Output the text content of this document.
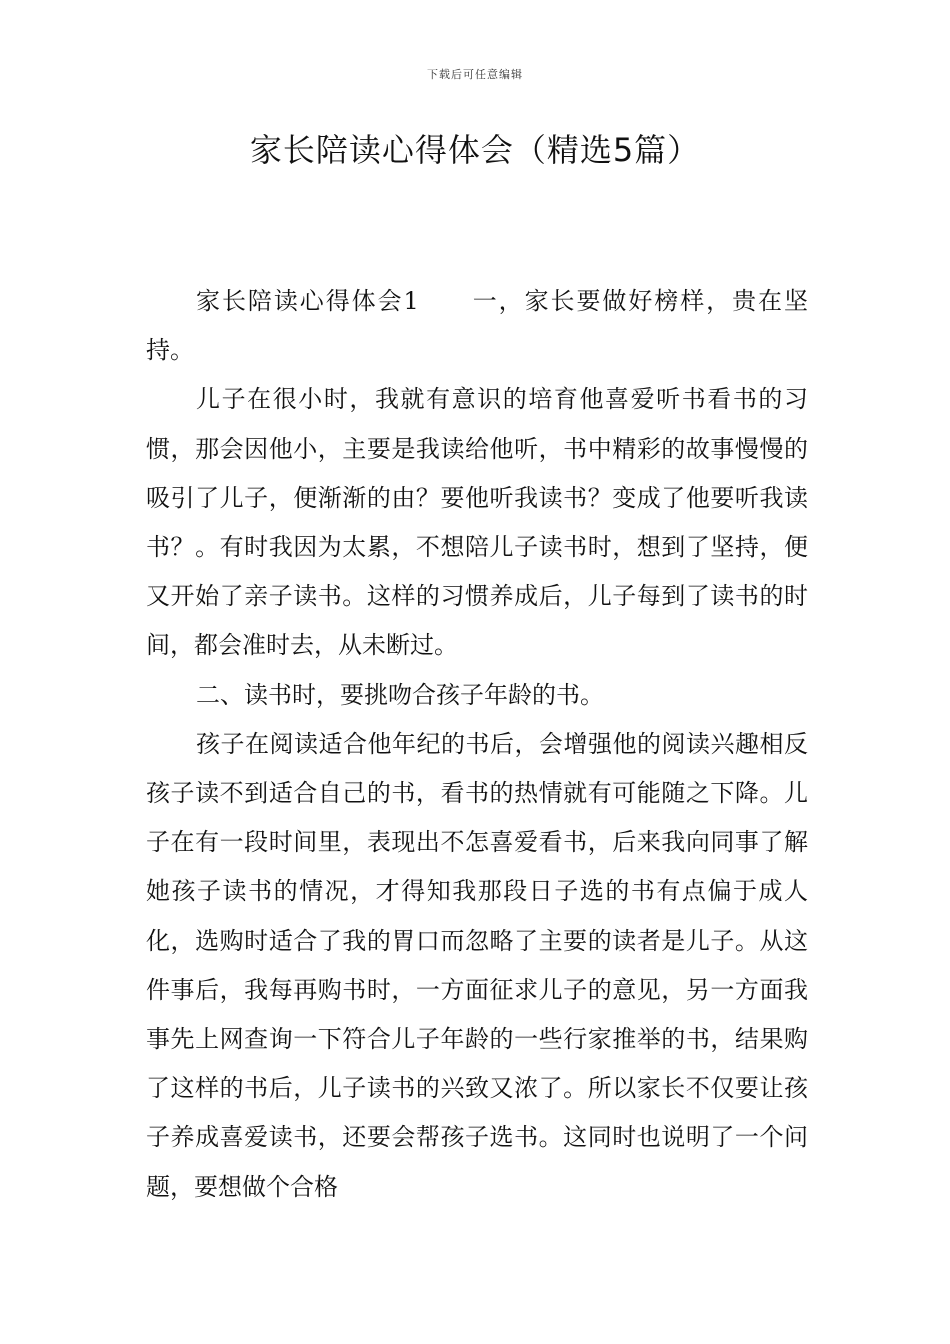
下载后可任意编辑
家长陪读心得体会（精选5篇）

家长陪读心得体会1 一，家长要做好榜样，贵在坚持。

儿子在很小时，我就有意识的培育他喜爱听书看书的习惯，那会因他小，主要是我读给他听，书中精彩的故事慢慢的吸引了儿子，便渐渐的由？要他听我读书？变成了他要听我读书？。有时我因为太累，不想陪儿子读书时，想到了坚持，便又开始了亲子读书。这样的习惯养成后，儿子每到了读书的时间，都会准时去，从未断过。

二、读书时，要挑吻合孩子年龄的书。

孩子在阅读适合他年纪的书后，会增强他的阅读兴趣相反孩子读不到适合自己的书，看书的热情就有可能随之下降。儿子在有一段时间里，表现出不怎喜爱看书，后来我向同事了解她孩子读书的情况，才得知我那段日子选的书有点偏于成人化，选购时适合了我的胃口而忽略了主要的读者是儿子。从这件事后，我每再购书时，一方面征求儿子的意见，另一方面我事先上网查询一下符合儿子年龄的一些行家推举的书，结果购了这样的书后，儿子读书的兴致又浓了。所以家长不仅要让孩子养成喜爱读书，还要会帮孩子选书。这同时也说明了一个问题，要想做个合格
